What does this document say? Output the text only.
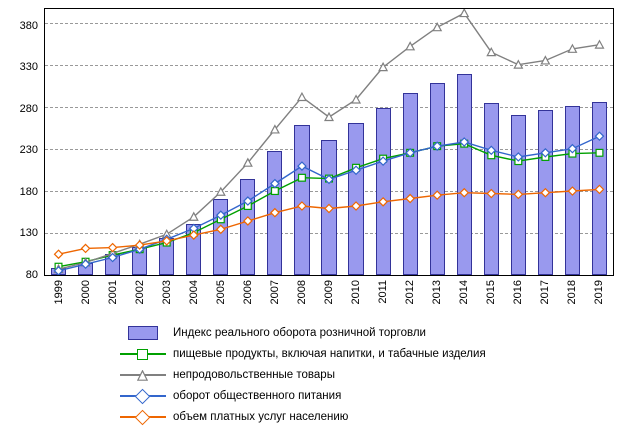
80
130
180
230
280
330
380
1999 2000 2001 2002 2003 2004 2005 2006 2007 2008 2009 2010 2011 2012 2013 2014 2015 2016 2017 2018 2019
Индекс реального оборота розничной торговли
пищевые продукты, включая напитки, и табачные изделия
непродовольственные товары
оборот общественного питания
объем платных услуг населению
